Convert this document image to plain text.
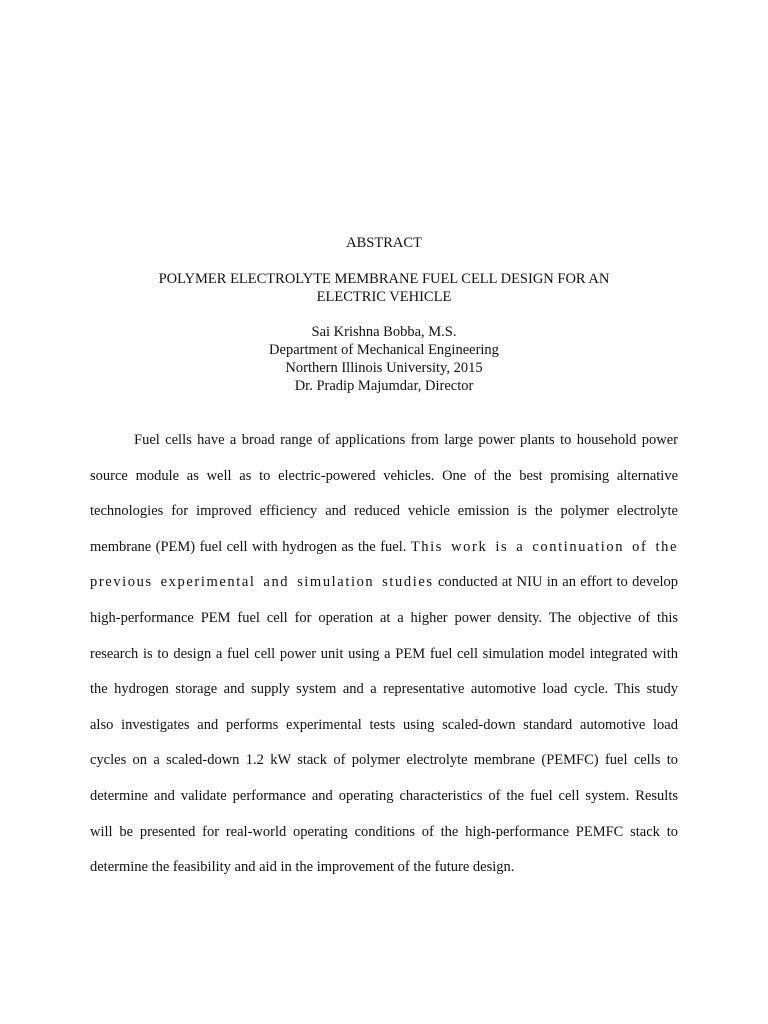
ABSTRACT

POLYMER ELECTROLYTE MEMBRANE FUEL CELL DESIGN FOR AN
ELECTRIC VEHICLE

Sai Krishna Bobba, M.S.
Department of Mechanical Engineering
Northern Illinois University, 2015
Dr. Pradip Majumdar, Director
Fuel cells have a broad range of applications from large power plants to household power
source module as well as to electric-powered vehicles. One of the best promising alternative
technologies for improved efficiency and reduced vehicle emission is the polymer electrolyte
membrane (PEM) fuel cell with hydrogen as the fuel. This work is a continuation of the
previous experimental and simulation studies conducted at NIU in an effort to develop
high-performance PEM fuel cell for operation at a higher power density. The objective of this
research is to design a fuel cell power unit using a PEM fuel cell simulation model integrated with
the hydrogen storage and supply system and a representative automotive load cycle. This study
also investigates and performs experimental tests using scaled-down standard automotive load
cycles on a scaled-down 1.2 kW stack of polymer electrolyte membrane (PEMFC) fuel cells to
determine and validate performance and operating characteristics of the fuel cell system. Results
will be presented for real-world operating conditions of the high-performance PEMFC stack to
determine the feasibility and aid in the improvement of the future design.
